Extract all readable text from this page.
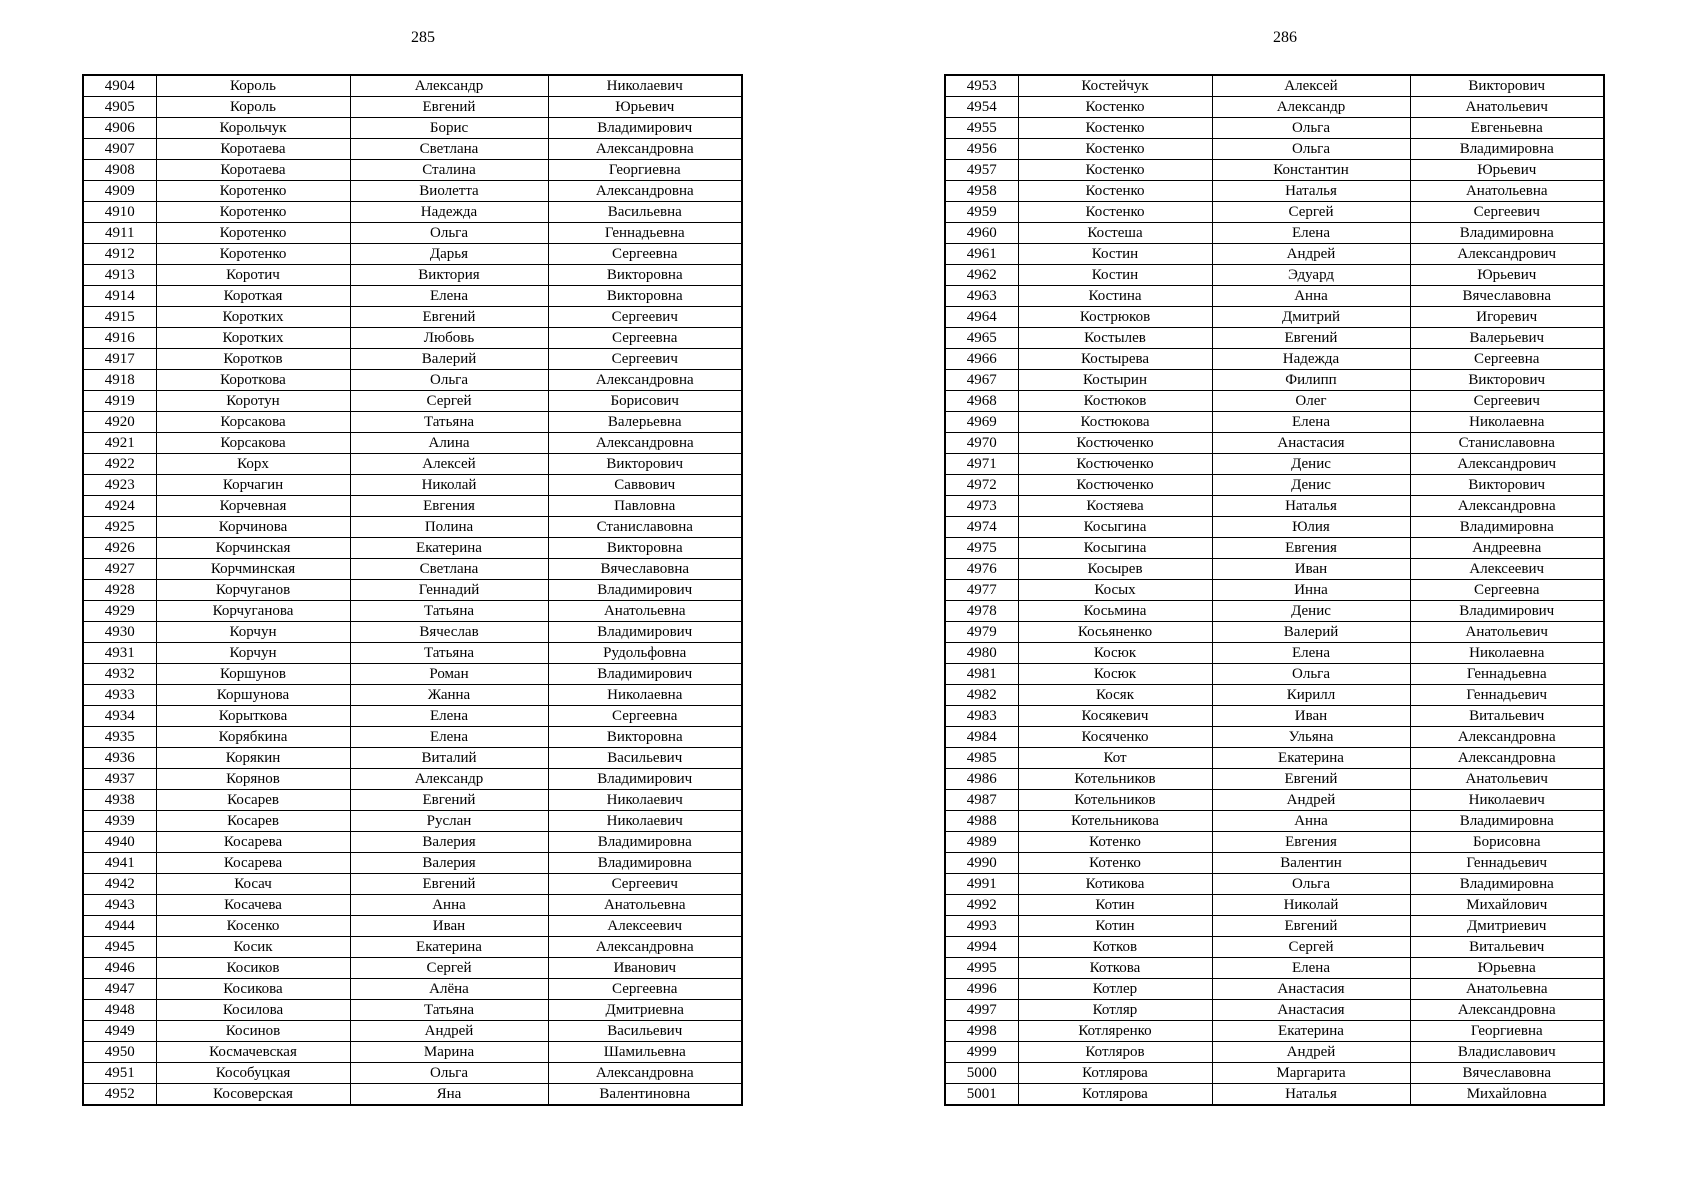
285	286
4904	Король	Александр	Николаевич
4905	Король	Евгений	Юрьевич
4906	Корольчук	Борис	Владимирович
4907	Коротаева	Светлана	Александровна
4908	Коротаева	Сталина	Георгиевна
4909	Коротенко	Виолетта	Александровна
4910	Коротенко	Надежда	Васильевна
4911	Коротенко	Ольга	Геннадьевна
4912	Коротенко	Дарья	Сергеевна
4913	Коротич	Виктория	Викторовна
4914	Короткая	Елена	Викторовна
4915	Коротких	Евгений	Сергеевич
4916	Коротких	Любовь	Сергеевна
4917	Коротков	Валерий	Сергеевич
4918	Короткова	Ольга	Александровна
4919	Коротун	Сергей	Борисович
4920	Корсакова	Татьяна	Валерьевна
4921	Корсакова	Алина	Александровна
4922	Корх	Алексей	Викторович
4923	Корчагин	Николай	Саввович
4924	Корчевная	Евгения	Павловна
4925	Корчинова	Полина	Станиславовна
4926	Корчинская	Екатерина	Викторовна
4927	Корчминская	Светлана	Вячеславовна
4928	Корчуганов	Геннадий	Владимирович
4929	Корчуганова	Татьяна	Анатольевна
4930	Корчун	Вячеслав	Владимирович
4931	Корчун	Татьяна	Рудольфовна
4932	Коршунов	Роман	Владимирович
4933	Коршунова	Жанна	Николаевна
4934	Корыткова	Елена	Сергеевна
4935	Корябкина	Елена	Викторовна
4936	Корякин	Виталий	Васильевич
4937	Корянов	Александр	Владимирович
4938	Косарев	Евгений	Николаевич
4939	Косарев	Руслан	Николаевич
4940	Косарева	Валерия	Владимировна
4941	Косарева	Валерия	Владимировна
4942	Косач	Евгений	Сергеевич
4943	Косачева	Анна	Анатольевна
4944	Косенко	Иван	Алексеевич
4945	Косик	Екатерина	Александровна
4946	Косиков	Сергей	Иванович
4947	Косикова	Алёна	Сергеевна
4948	Косилова	Татьяна	Дмитриевна
4949	Косинов	Андрей	Васильевич
4950	Космачевская	Марина	Шамильевна
4951	Кособуцкая	Ольга	Александровна
4952	Косоверская	Яна	Валентиновна
4953	Костейчук	Алексей	Викторович
4954	Костенко	Александр	Анатольевич
4955	Костенко	Ольга	Евгеньевна
4956	Костенко	Ольга	Владимировна
4957	Костенко	Константин	Юрьевич
4958	Костенко	Наталья	Анатольевна
4959	Костенко	Сергей	Сергеевич
4960	Костеша	Елена	Владимировна
4961	Костин	Андрей	Александрович
4962	Костин	Эдуард	Юрьевич
4963	Костина	Анна	Вячеславовна
4964	Кострюков	Дмитрий	Игоревич
4965	Костылев	Евгений	Валерьевич
4966	Костырева	Надежда	Сергеевна
4967	Костырин	Филипп	Викторович
4968	Костюков	Олег	Сергеевич
4969	Костюкова	Елена	Николаевна
4970	Костюченко	Анастасия	Станиславовна
4971	Костюченко	Денис	Александрович
4972	Костюченко	Денис	Викторович
4973	Костяева	Наталья	Александровна
4974	Косыгина	Юлия	Владимировна
4975	Косыгина	Евгения	Андреевна
4976	Косырев	Иван	Алексеевич
4977	Косых	Инна	Сергеевна
4978	Косьмина	Денис	Владимирович
4979	Косьяненко	Валерий	Анатольевич
4980	Косюк	Елена	Николаевна
4981	Косюк	Ольга	Геннадьевна
4982	Косяк	Кирилл	Геннадьевич
4983	Косякевич	Иван	Витальевич
4984	Косяченко	Ульяна	Александровна
4985	Кот	Екатерина	Александровна
4986	Котельников	Евгений	Анатольевич
4987	Котельников	Андрей	Николаевич
4988	Котельникова	Анна	Владимировна
4989	Котенко	Евгения	Борисовна
4990	Котенко	Валентин	Геннадьевич
4991	Котикова	Ольга	Владимировна
4992	Котин	Николай	Михайлович
4993	Котин	Евгений	Дмитриевич
4994	Котков	Сергей	Витальевич
4995	Коткова	Елена	Юрьевна
4996	Котлер	Анастасия	Анатольевна
4997	Котляр	Анастасия	Александровна
4998	Котляренко	Екатерина	Георгиевна
4999	Котляров	Андрей	Владиславович
5000	Котлярова	Маргарита	Вячеславовна
5001	Котлярова	Наталья	Михайловна
